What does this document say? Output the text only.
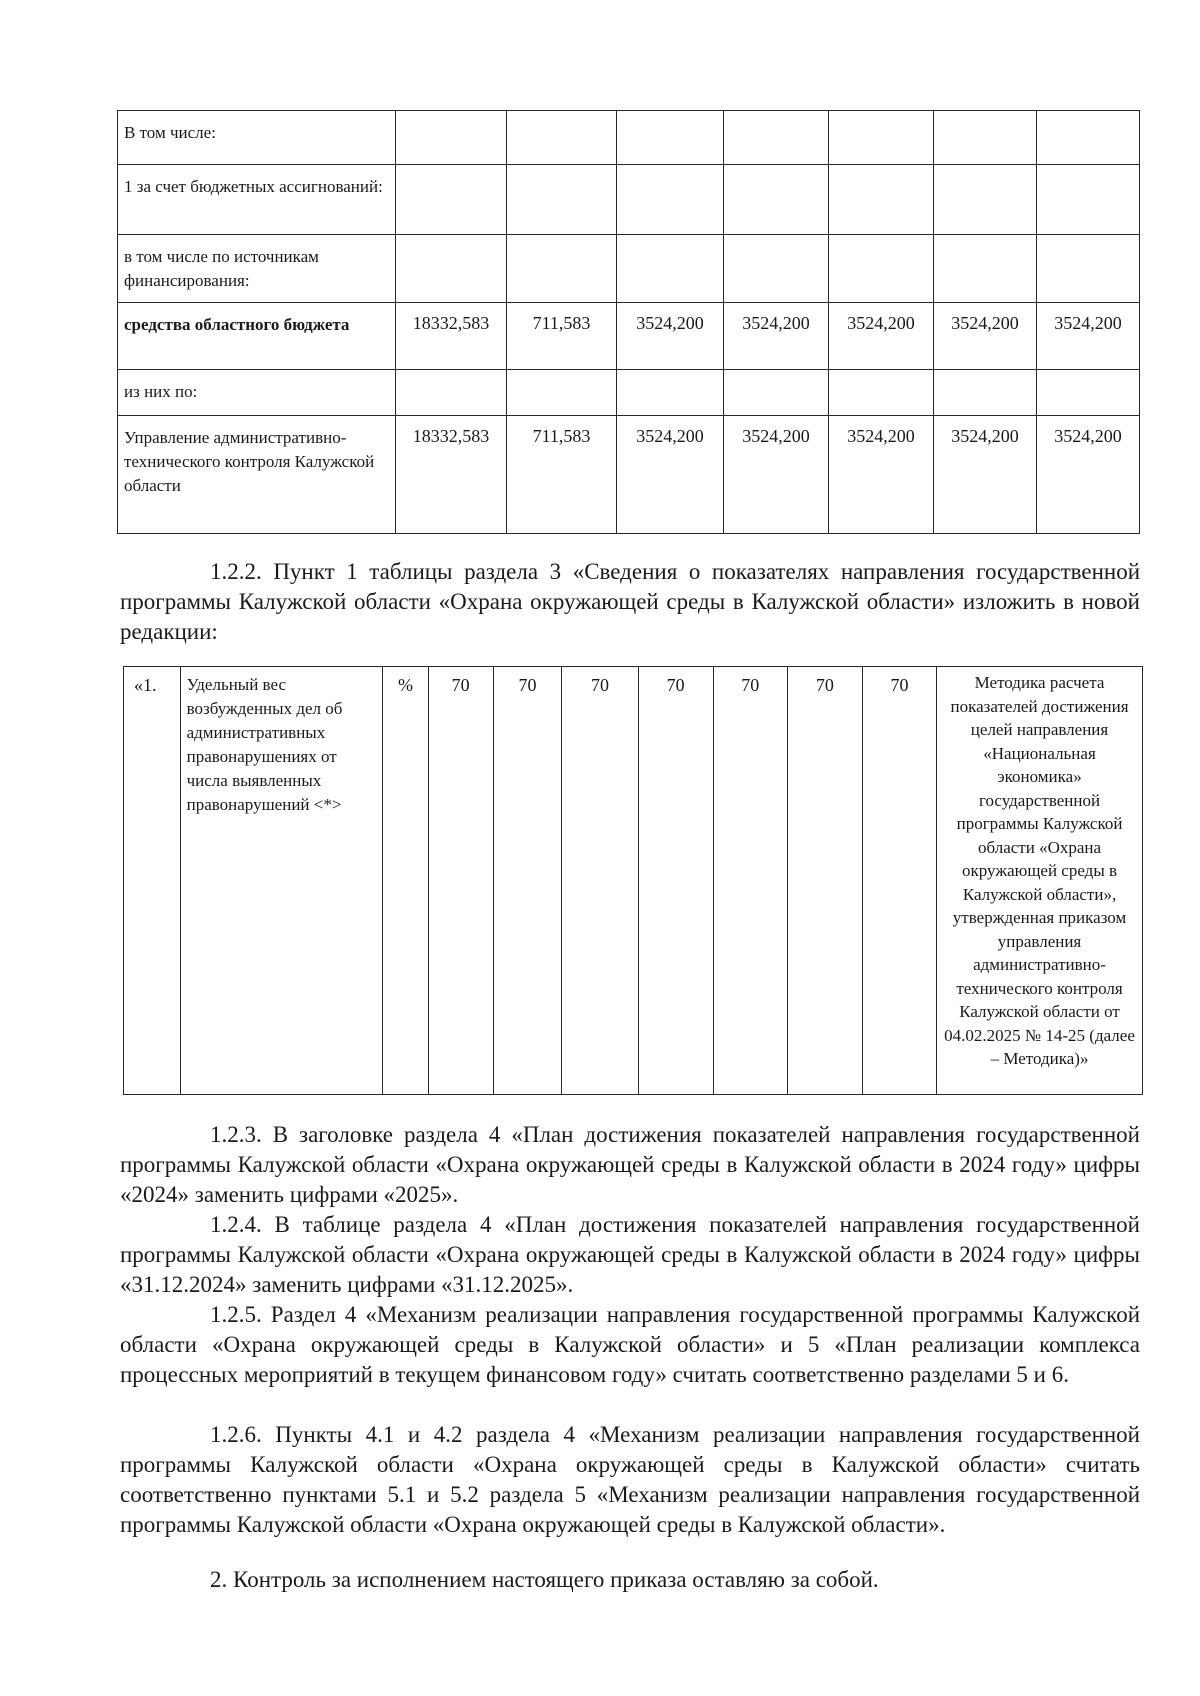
В том числе:							
1 за счет бюджетных ассигнований:							
в том числе по источникам финансирования:							
средства областного бюджета	18332,583	711,583	3524,200	3524,200	3524,200	3524,200	3524,200
из них по:							
Управление административно-технического контроля Калужской области	18332,583	711,583	3524,200	3524,200	3524,200	3524,200	3524,200

1.2.2. Пункт 1 таблицы раздела 3 «Сведения о показателях направления государственной программы Калужской области «Охрана окружающей среды в Калужской области» изложить в новой редакции:

«1.	Удельный вес возбужденных дел об административных правонарушениях от числа выявленных правонарушений <*>	%	70	70	70	70	70	70	70	Методика расчета показателей достижения целей направления «Национальная экономика» государственной программы Калужской области «Охрана окружающей среды в Калужской области», утвержденная приказом управления административно-технического контроля Калужской области от 04.02.2025 № 14-25 (далее – Методика)»

1.2.3. В заголовке раздела 4 «План достижения показателей направления государственной программы Калужской области «Охрана окружающей среды в Калужской области в 2024 году» цифры «2024» заменить цифрами «2025».

1.2.4. В таблице раздела 4 «План достижения показателей направления государственной программы Калужской области «Охрана окружающей среды в Калужской области в 2024 году» цифры «31.12.2024» заменить цифрами «31.12.2025».

1.2.5. Раздел 4 «Механизм реализации направления государственной программы Калужской области «Охрана окружающей среды в Калужской области» и 5 «План реализации комплекса процессных мероприятий в текущем финансовом году» считать соответственно разделами 5 и 6.

1.2.6. Пункты 4.1 и 4.2 раздела 4 «Механизм реализации направления государственной программы Калужской области «Охрана окружающей среды в Калужской области» считать соответственно пунктами 5.1 и 5.2 раздела 5 «Механизм реализации направления государственной программы Калужской области «Охрана окружающей среды в Калужской области».

2. Контроль за исполнением настоящего приказа оставляю за собой.
